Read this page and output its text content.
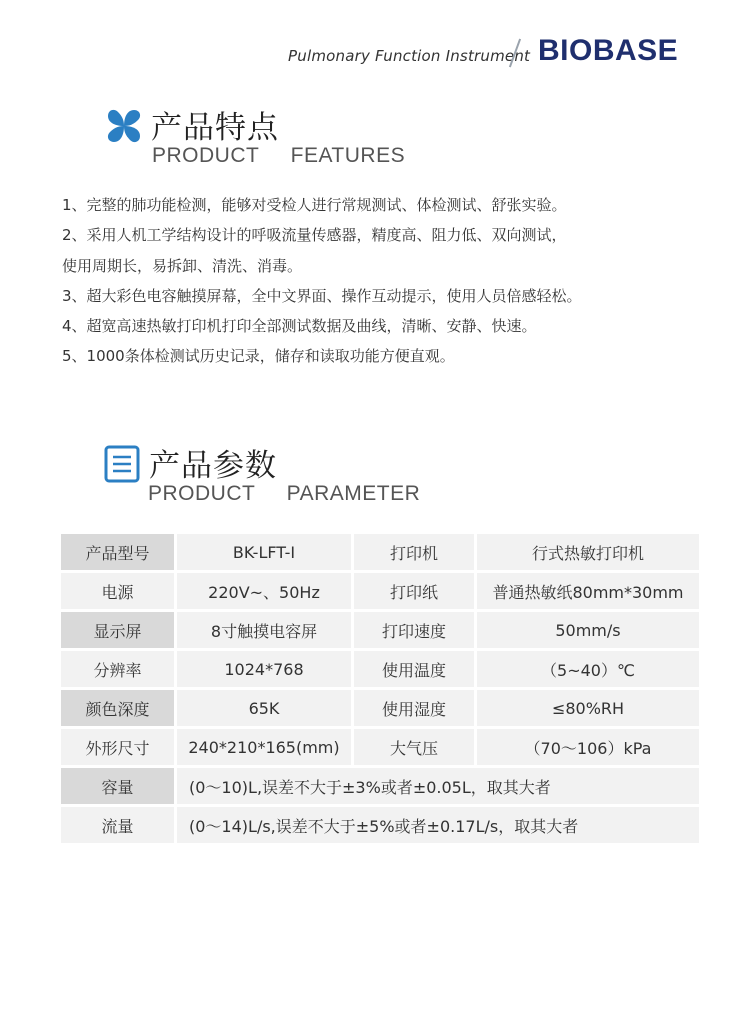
Pulmonary Function Instrument BIOBASE
产品特点
PRODUCT     FEATURES
1、完整的肺功能检测，能够对受检人进行常规测试、体检测试、舒张实验。
2、采用人机工学结构设计的呼吸流量传感器，精度高、阻力低、双向测试，
使用周期长，易拆卸、清洗、消毒。
3、超大彩色电容触摸屏幕，全中文界面、操作互动提示，使用人员倍感轻松。
4、超宽高速热敏打印机打印全部测试数据及曲线，清晰、安静、快速。
5、1000条体检测试历史记录，储存和读取功能方便直观。
产品参数
PRODUCT     PARAMETER
产品型号	BK-LFT-I	打印机	行式热敏打印机
电源	220V~、50Hz	打印纸	普通热敏纸80mm*30mm
显示屏	8寸触摸电容屏	打印速度	50mm/s
分辨率	1024*768	使用温度	（5~40）℃
颜色深度	65K	使用湿度	≤80%RH
外形尺寸	240*210*165(mm)	大气压	（70～106）kPa
容量	(0～10)L,误差不大于±3%或者±0.05L，取其大者		
流量	(0～14)L/s,误差不大于±5%或者±0.17L/s，取其大者		
